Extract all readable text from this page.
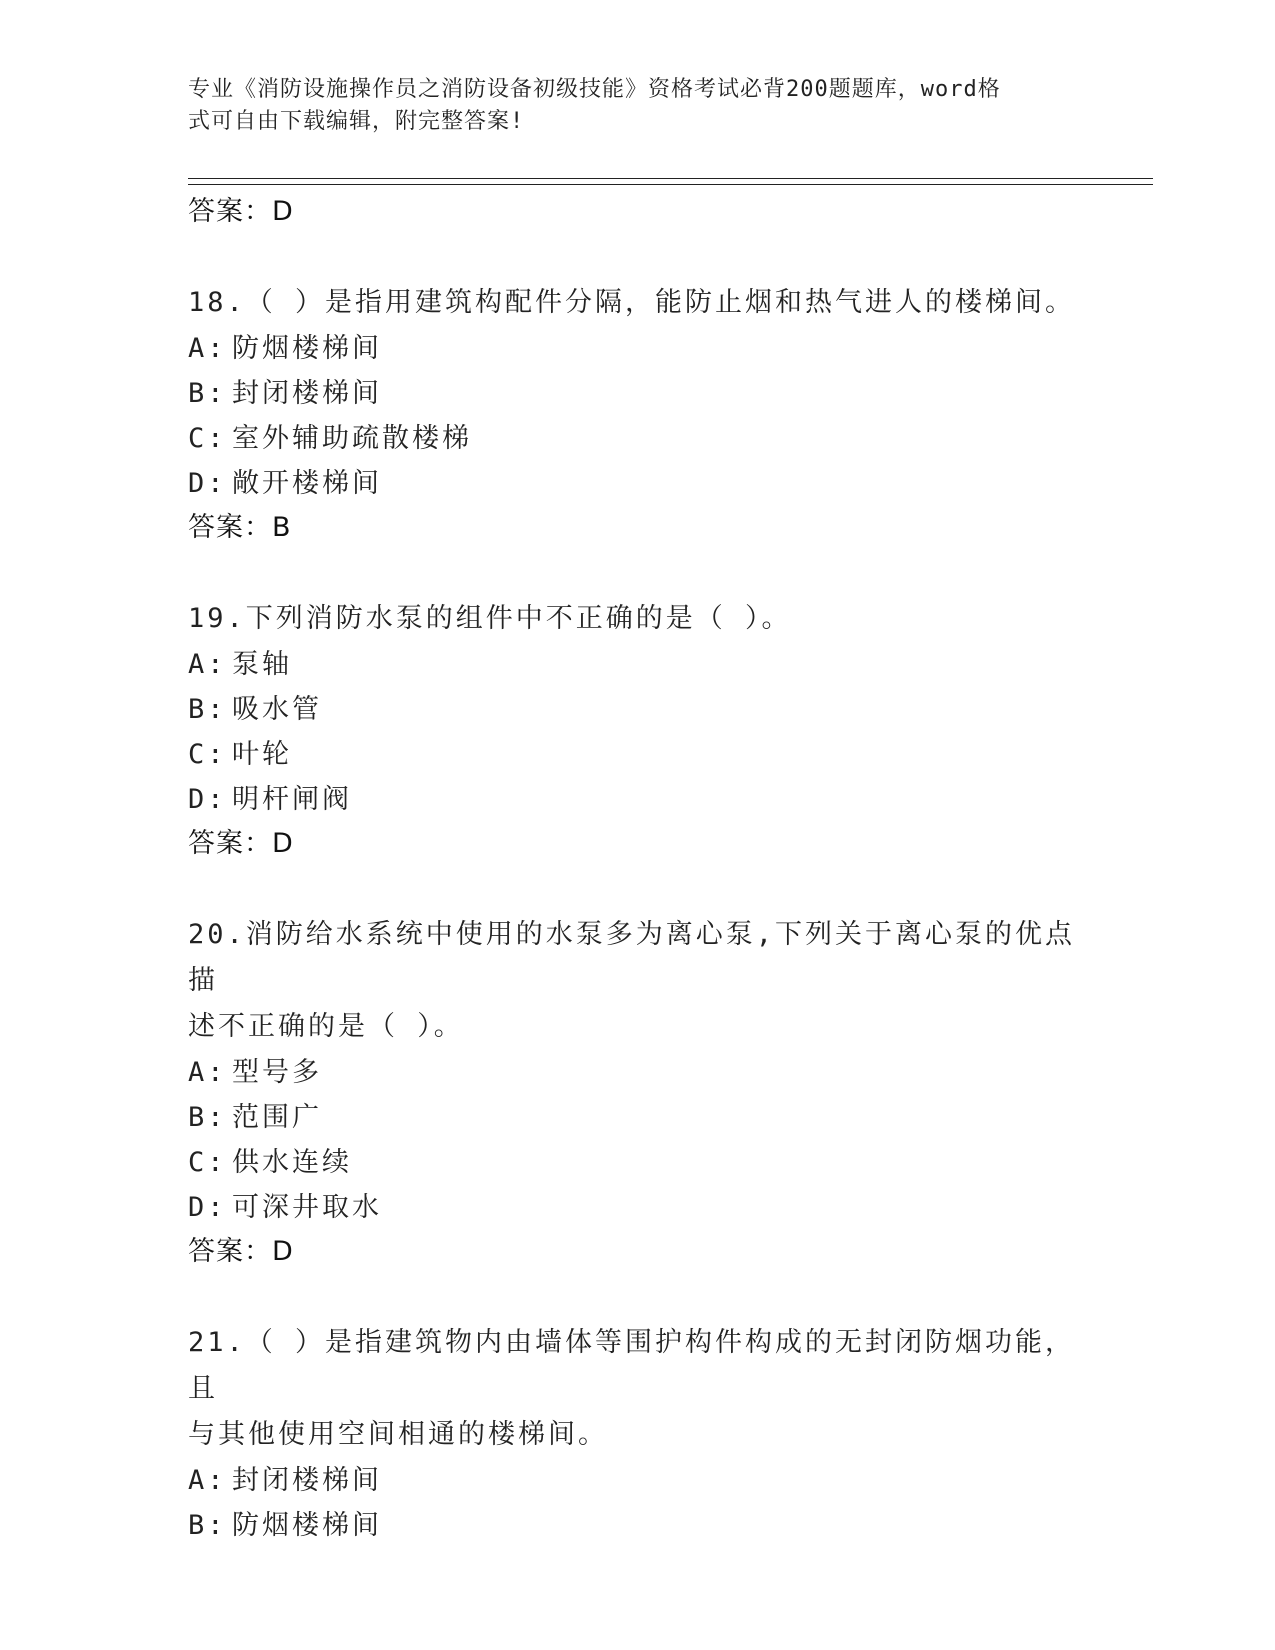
专业《消防设施操作员之消防设备初级技能》资格考试必背200题题库，word格
式可自由下载编辑，附完整答案!
答案：D
18.（ ）是指用建筑构配件分隔，能防止烟和热气进人的楼梯间。
A: 防烟楼梯间
B: 封闭楼梯间
C: 室外辅助疏散楼梯
D: 敞开楼梯间
答案：B
19.下列消防水泵的组件中不正确的是（ ）。
A: 泵轴
B: 吸水管
C: 叶轮
D: 明杆闸阀
答案：D
20.消防给水系统中使用的水泵多为离心泵,下列关于离心泵的优点描
述不正确的是（ ）。
A: 型号多
B: 范围广
C: 供水连续
D: 可深井取水
答案：D
21.（ ）是指建筑物内由墙体等围护构件构成的无封闭防烟功能，且
与其他使用空间相通的楼梯间。
A: 封闭楼梯间
B: 防烟楼梯间
